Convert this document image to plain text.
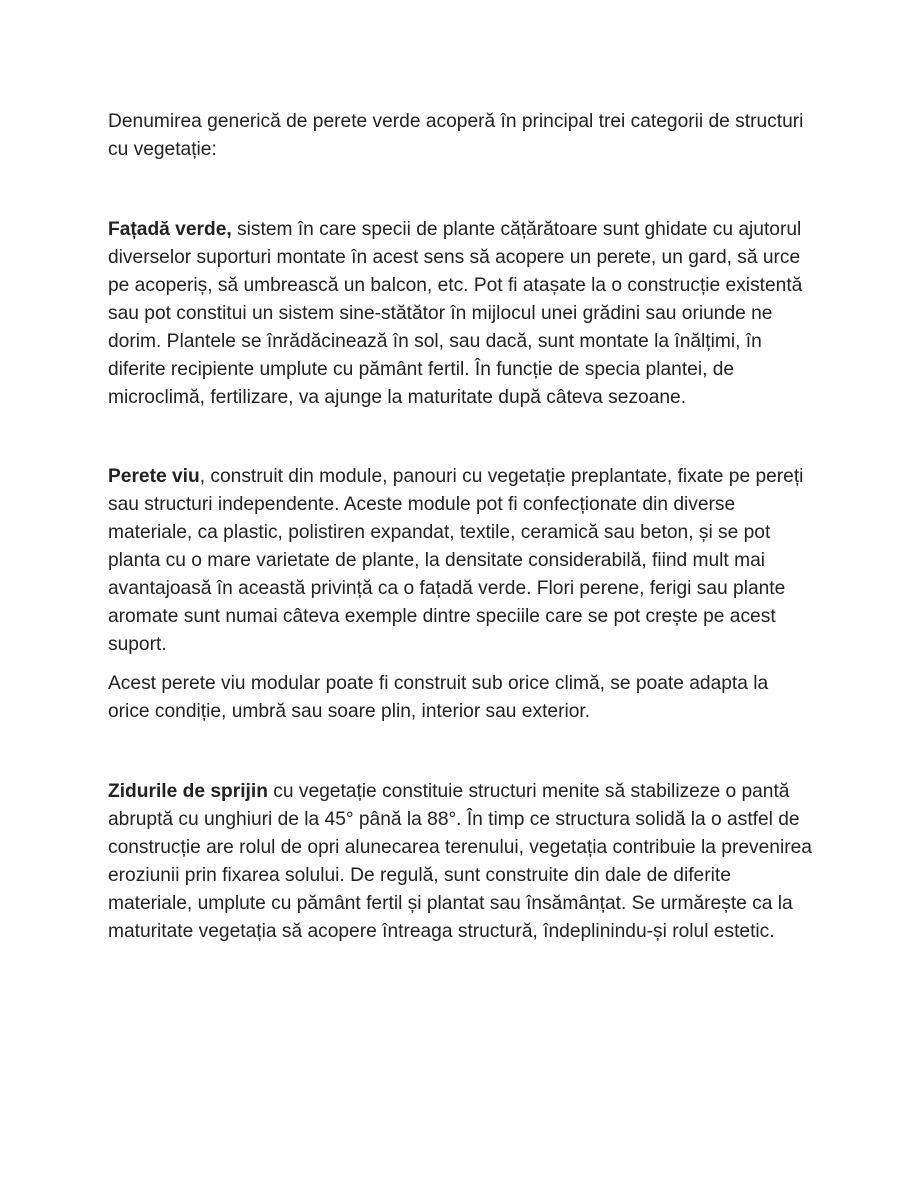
Denumirea generică de perete verde acoperă în principal trei categorii de structuri cu vegetație:

Fațadă verde, sistem în care specii de plante cățărătoare sunt ghidate cu ajutorul diverselor suporturi montate în acest sens să acopere un perete, un gard, să urce pe acoperiș, să umbrească un balcon, etc. Pot fi atașate la o construcție existentă sau pot constitui un sistem sine-stătător în mijlocul unei grădini sau oriunde ne dorim. Plantele se înrădăcinează în sol, sau dacă, sunt montate la înălțimi, în diferite recipiente umplute cu pământ fertil. În funcție de specia plantei, de microclimă, fertilizare, va ajunge la maturitate după câteva sezoane.

Perete viu, construit din module, panouri cu vegetație preplantate, fixate pe pereți sau structuri independente. Aceste module pot fi confecționate din diverse materiale, ca plastic, polistiren expandat, textile, ceramică sau beton, și se pot planta cu o mare varietate de plante, la densitate considerabilă, fiind mult mai avantajoasă în această privință ca o fațadă verde. Flori perene, ferigi sau plante aromate sunt numai câteva exemple dintre speciile care se pot crește pe acest suport.

Acest perete viu modular poate fi construit sub orice climă, se poate adapta la orice condiție, umbră sau soare plin, interior sau exterior.

Zidurile de sprijin cu vegetație constituie structuri menite să stabilizeze o pantă abruptă cu unghiuri de la 45° până la 88°. În timp ce structura solidă la o astfel de construcție are rolul de opri alunecarea terenului, vegetația contribuie la prevenirea eroziunii prin fixarea solului. De regulă, sunt construite din dale de diferite materiale, umplute cu pământ fertil și plantat sau însămânțat. Se urmărește ca la maturitate vegetația să acopere întreaga structură, îndeplinindu-și rolul estetic.
